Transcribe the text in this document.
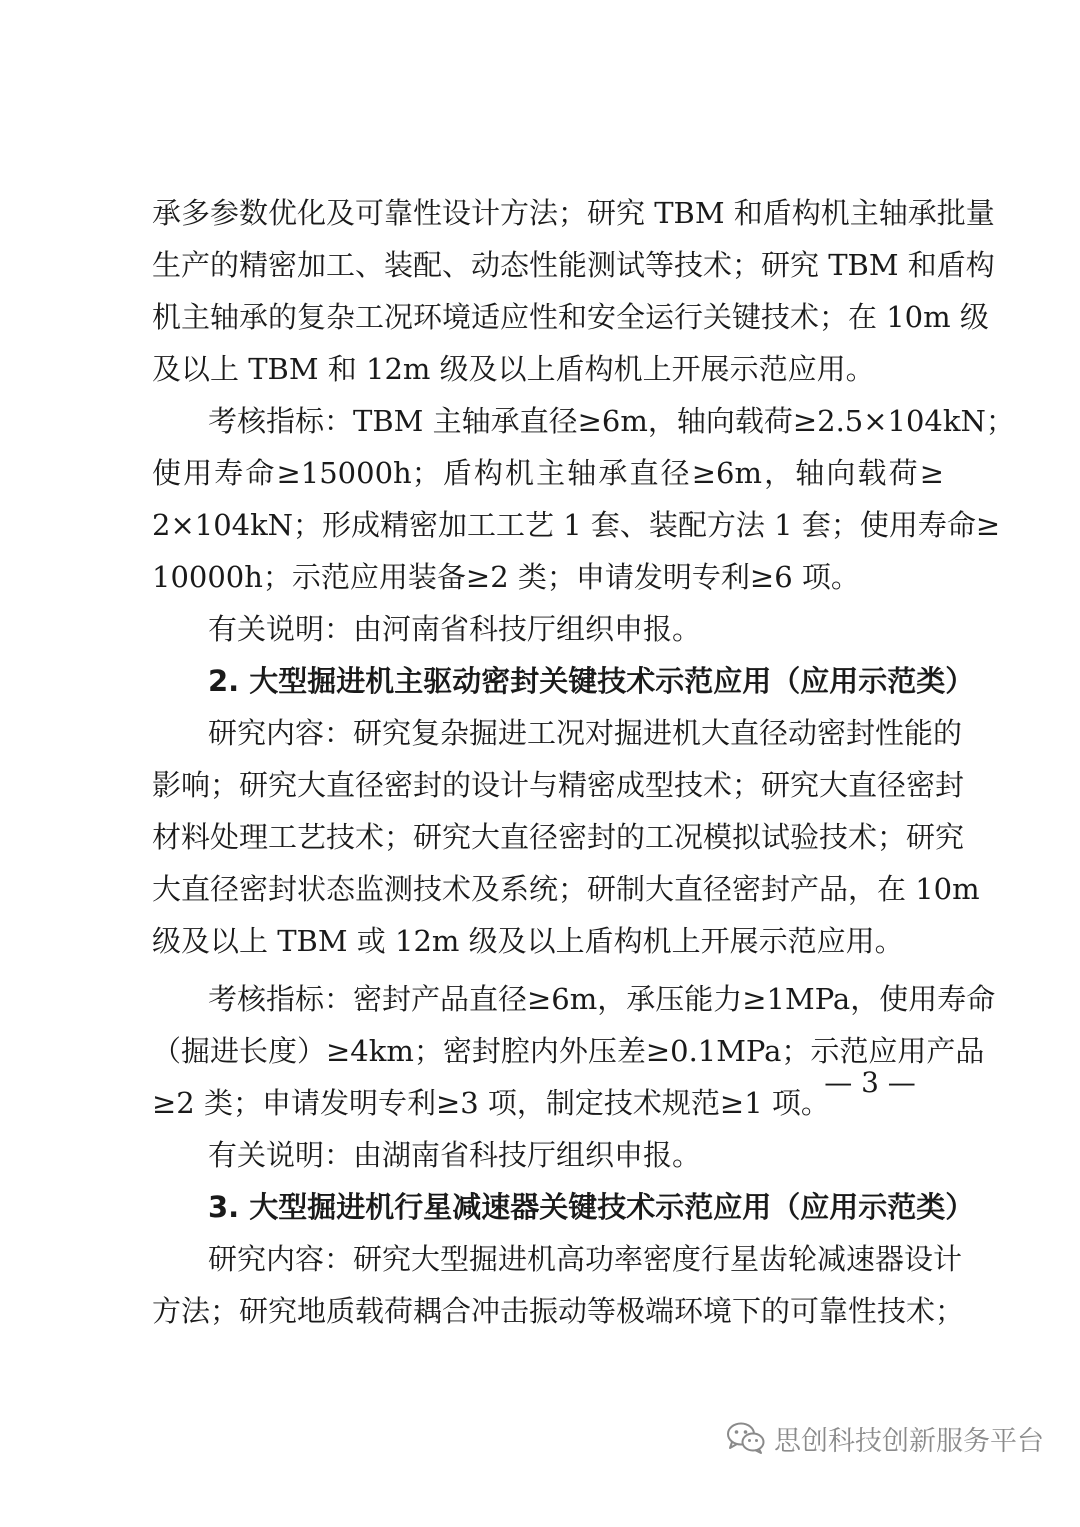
承多参数优化及可靠性设计方法；研究 TBM 和盾构机主轴承批量
生产的精密加工、装配、动态性能测试等技术；研究 TBM 和盾构
机主轴承的复杂工况环境适应性和安全运行关键技术；在 10m 级
及以上 TBM 和 12m 级及以上盾构机上开展示范应用。
考核指标：TBM 主轴承直径≥6m，轴向载荷≥2.5×104kN；
使用寿命≥15000h；盾构机主轴承直径≥6m，轴向载荷≥
2×104kN；形成精密加工工艺 1 套、装配方法 1 套；使用寿命≥
10000h；示范应用装备≥2 类；申请发明专利≥6 项。
有关说明：由河南省科技厅组织申报。
2. 大型掘进机主驱动密封关键技术示范应用（应用示范类）
研究内容：研究复杂掘进工况对掘进机大直径动密封性能的
影响；研究大直径密封的设计与精密成型技术；研究大直径密封
材料处理工艺技术；研究大直径密封的工况模拟试验技术；研究
大直径密封状态监测技术及系统；研制大直径密封产品，在 10m
级及以上 TBM 或 12m 级及以上盾构机上开展示范应用。
考核指标：密封产品直径≥6m，承压能力≥1MPa，使用寿命
（掘进长度）≥4km；密封腔内外压差≥0.1MPa；示范应用产品
≥2 类；申请发明专利≥3 项，制定技术规范≥1 项。
有关说明：由湖南省科技厅组织申报。
3. 大型掘进机行星减速器关键技术示范应用（应用示范类）
研究内容：研究大型掘进机高功率密度行星齿轮减速器设计
方法；研究地质载荷耦合冲击振动等极端环境下的可靠性技术；
— 3 —
思创科技创新服务平台
